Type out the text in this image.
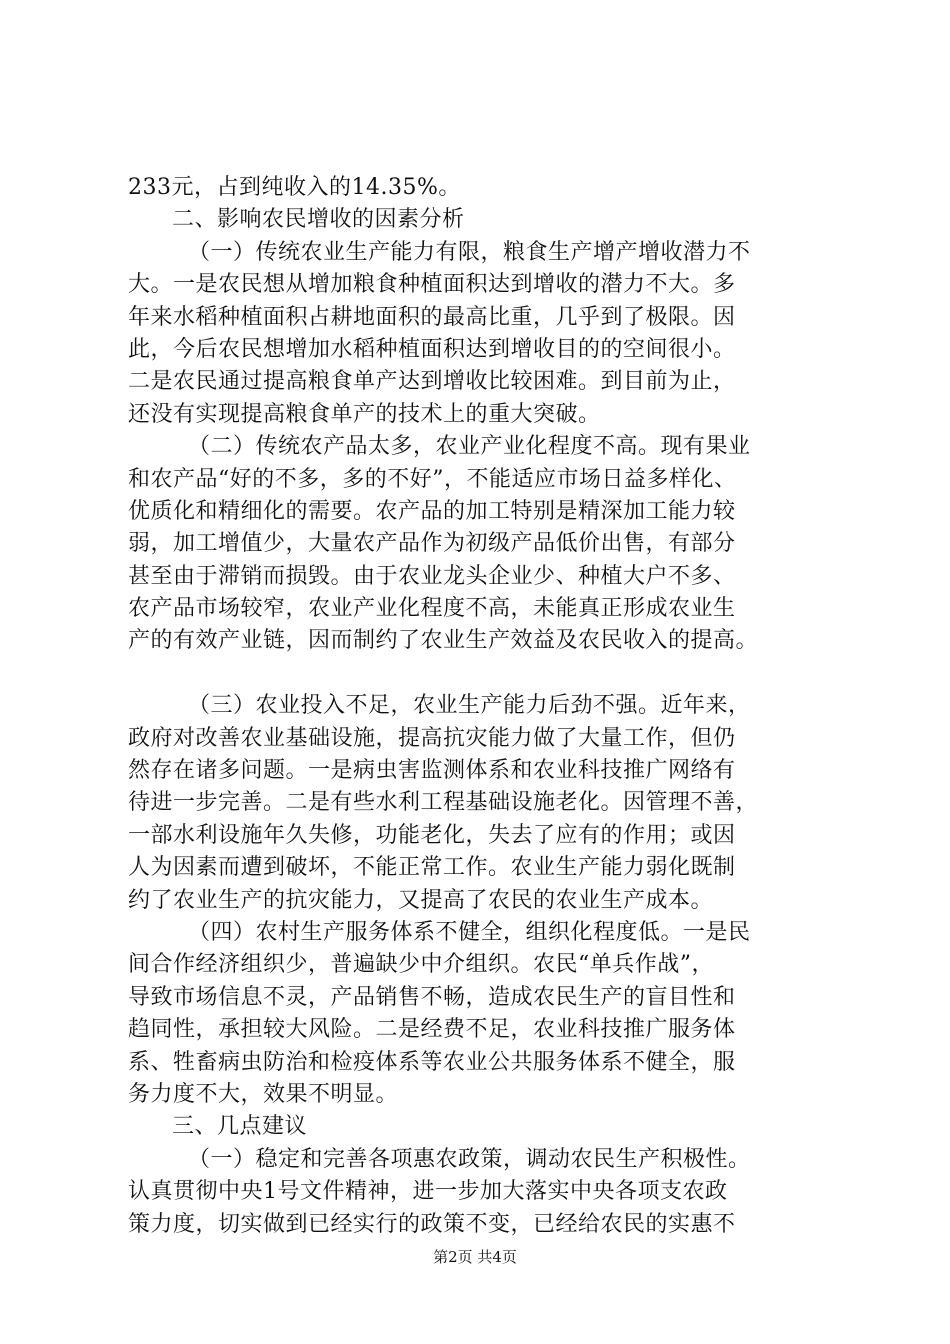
233元，占到纯收入的14.35%。
二、影响农民增收的因素分析
（一）传统农业生产能力有限，粮食生产增产增收潜力不
大。一是农民想从增加粮食种植面积达到增收的潜力不大。多
年来水稻种植面积占耕地面积的最高比重，几乎到了极限。因
此，今后农民想增加水稻种植面积达到增收目的的空间很小。
二是农民通过提高粮食单产达到增收比较困难。到目前为止，
还没有实现提高粮食单产的技术上的重大突破。
（二）传统农产品太多，农业产业化程度不高。现有果业
和农产品“好的不多，多的不好”，不能适应市场日益多样化、
优质化和精细化的需要。农产品的加工特别是精深加工能力较
弱，加工增值少，大量农产品作为初级产品低价出售，有部分
甚至由于滞销而损毁。由于农业龙头企业少、种植大户不多、
农产品市场较窄，农业产业化程度不高，未能真正形成农业生
产的有效产业链，因而制约了农业生产效益及农民收入的提高。
（三）农业投入不足，农业生产能力后劲不强。近年来，
政府对改善农业基础设施，提高抗灾能力做了大量工作，但仍
然存在诸多问题。一是病虫害监测体系和农业科技推广网络有
待进一步完善。二是有些水利工程基础设施老化。因管理不善，
一部水利设施年久失修，功能老化，失去了应有的作用；或因
人为因素而遭到破坏，不能正常工作。农业生产能力弱化既制
约了农业生产的抗灾能力，又提高了农民的农业生产成本。
（四）农村生产服务体系不健全，组织化程度低。一是民
间合作经济组织少，普遍缺少中介组织。农民“单兵作战”，
导致市场信息不灵，产品销售不畅，造成农民生产的盲目性和
趋同性，承担较大风险。二是经费不足，农业科技推广服务体
系、牲畜病虫防治和检疫体系等农业公共服务体系不健全，服
务力度不大，效果不明显。
三、几点建议
（一）稳定和完善各项惠农政策，调动农民生产积极性。
认真贯彻中央1号文件精神，进一步加大落实中央各项支农政
策力度，切实做到已经实行的政策不变，已经给农民的实惠不
第2页 共4页
